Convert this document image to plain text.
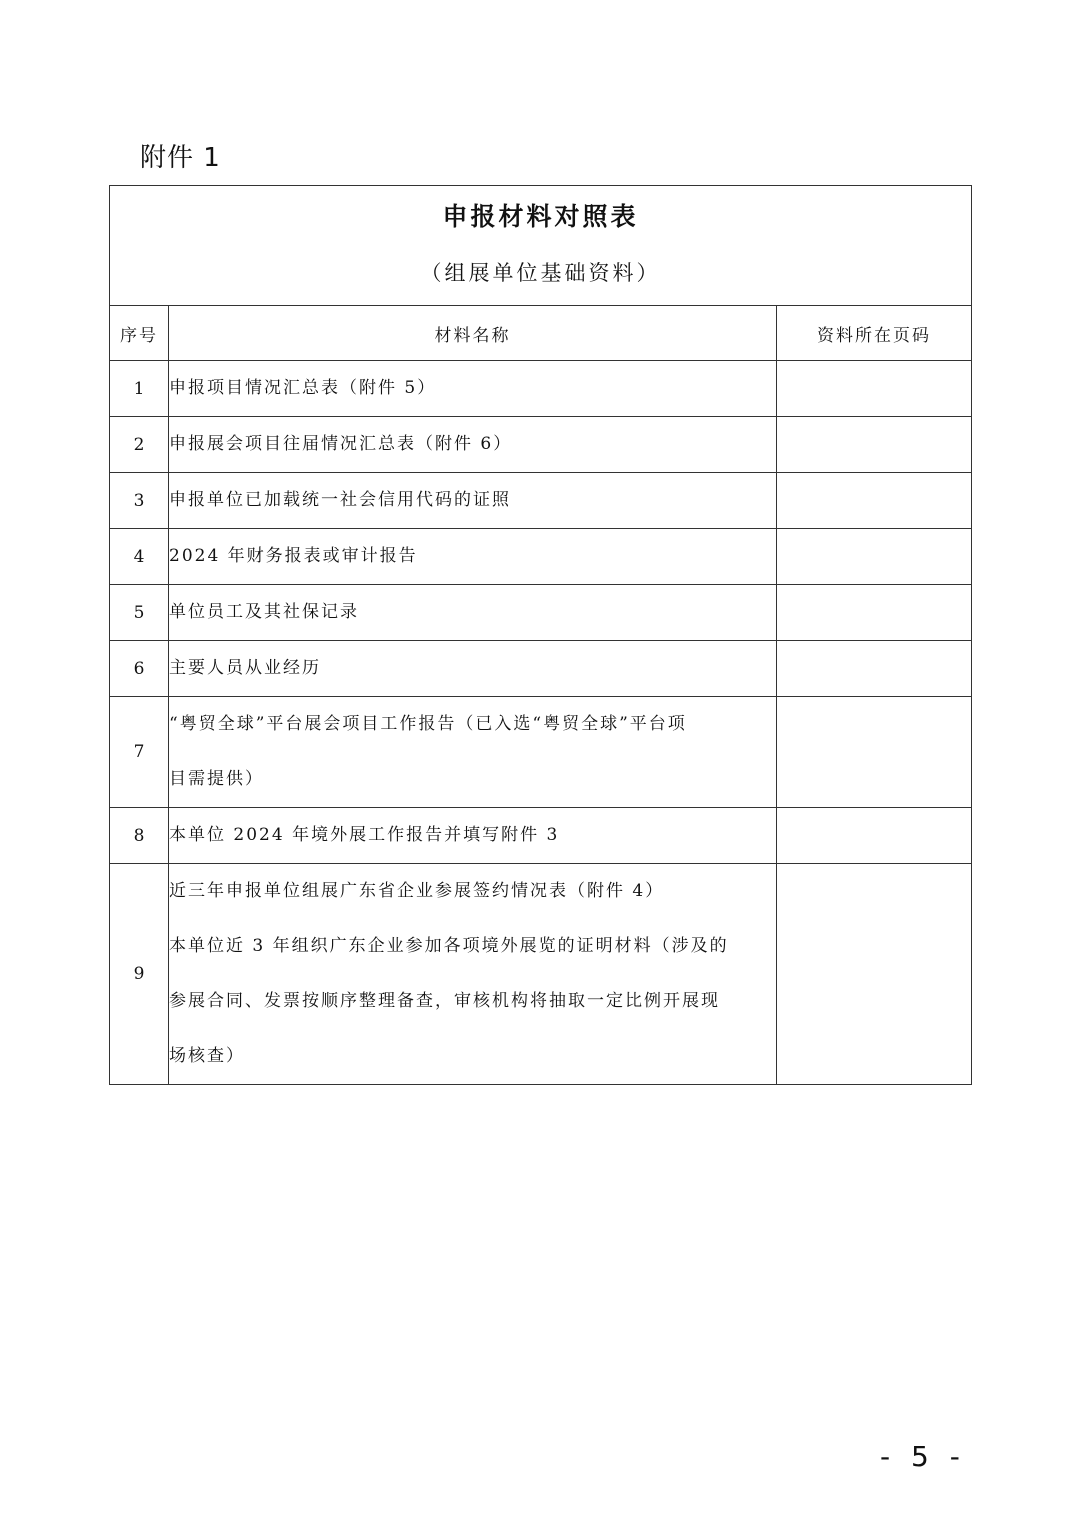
附件 1
申报材料对照表
（组展单位基础资料）		

序号	材料名称	资料所在页码
1	申报项目情况汇总表（附件 5）	

2	申报展会项目往届情况汇总表（附件 6）	

3	申报单位已加载统一社会信用代码的证照	

4	2024 年财务报表或审计报告	

5	单位员工及其社保记录	

6	主要人员从业经历	

7	“粤贸全球”平台展会项目工作报告（已入选“粤贸全球”平台项
目需提供）	

8	本单位 2024 年境外展工作报告并填写附件 3	

9	近三年申报单位组展广东省企业参展签约情况表（附件 4）
本单位近 3 年组织广东企业参加各项境外展览的证明材料（涉及的
参展合同、发票按顺序整理备查，审核机构将抽取一定比例开展现
场核查）	

- 5 -
